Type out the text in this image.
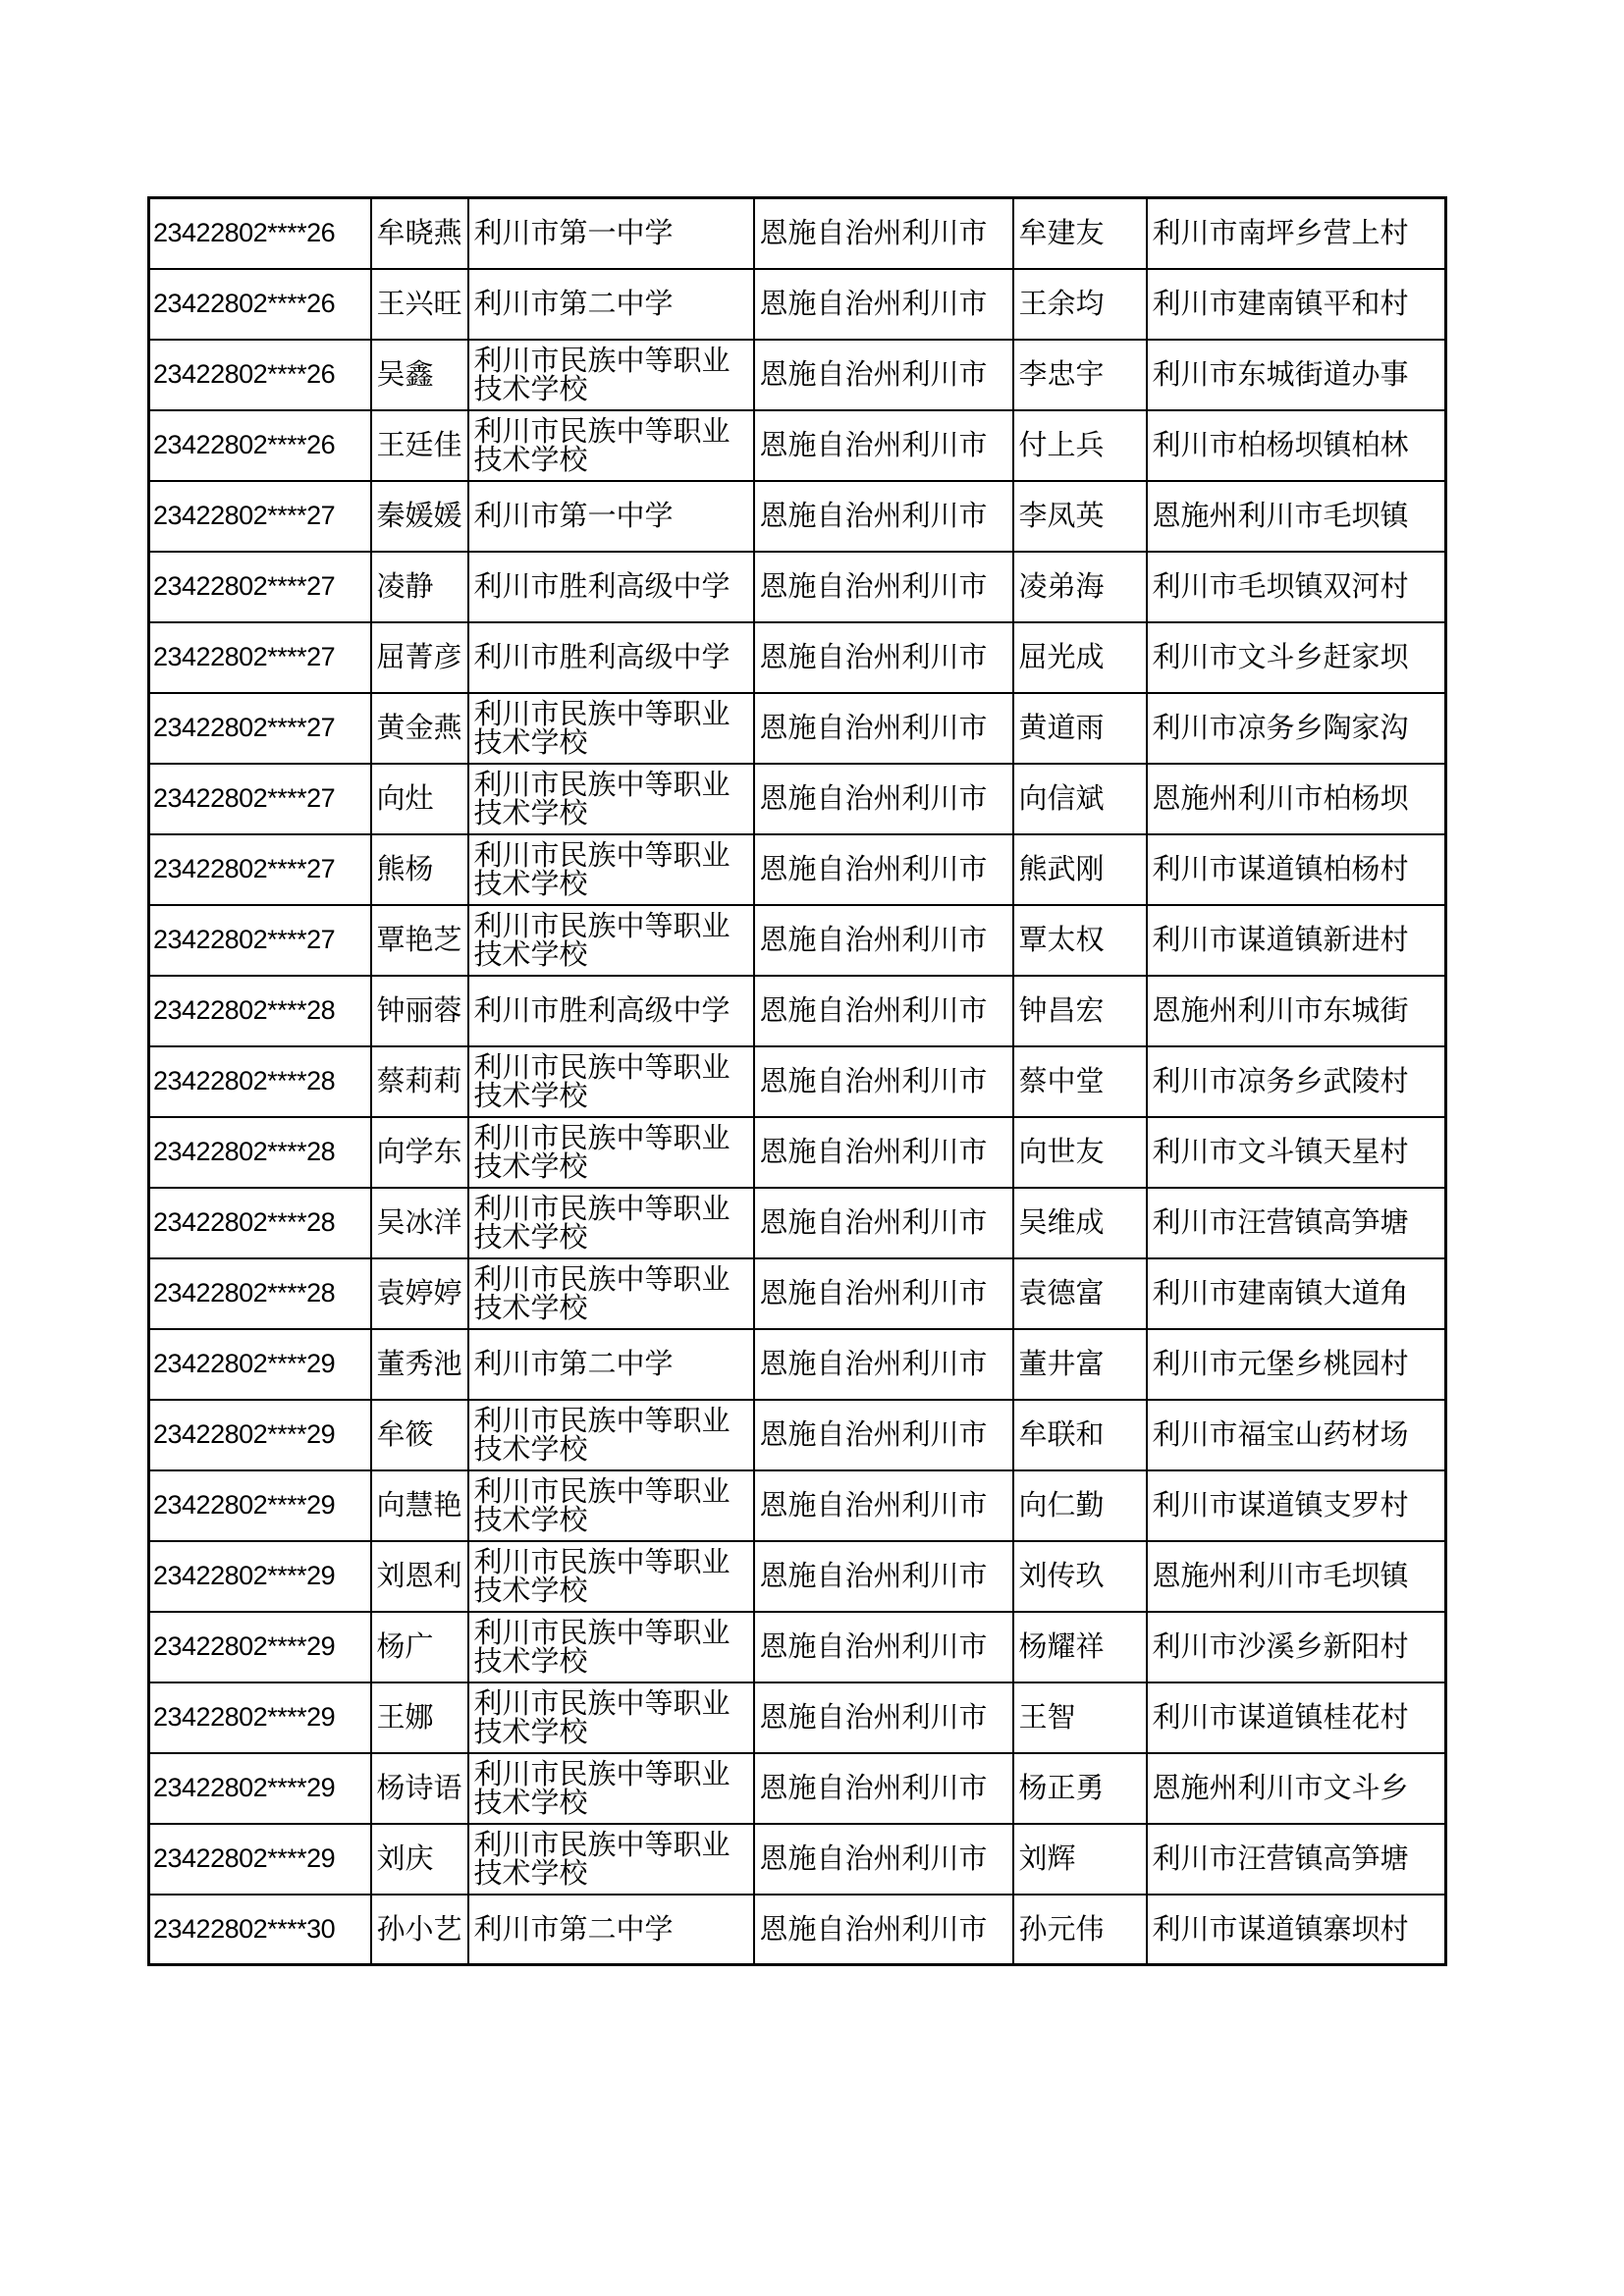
23422802****26	牟晓燕	利川市第一中学	恩施自治州利川市	牟建友	利川市南坪乡营上村
23422802****26	王兴旺	利川市第二中学	恩施自治州利川市	王余均	利川市建南镇平和村
23422802****26	吴鑫	利川市民族中等职业技术学校	恩施自治州利川市	李忠宇	利川市东城街道办事
23422802****26	王廷佳	利川市民族中等职业技术学校	恩施自治州利川市	付上兵	利川市柏杨坝镇柏林
23422802****27	秦媛媛	利川市第一中学	恩施自治州利川市	李凤英	恩施州利川市毛坝镇
23422802****27	凌静	利川市胜利高级中学	恩施自治州利川市	凌弟海	利川市毛坝镇双河村
23422802****27	屈菁彦	利川市胜利高级中学	恩施自治州利川市	屈光成	利川市文斗乡赶家坝
23422802****27	黄金燕	利川市民族中等职业技术学校	恩施自治州利川市	黄道雨	利川市凉务乡陶家沟
23422802****27	向灶	利川市民族中等职业技术学校	恩施自治州利川市	向信斌	恩施州利川市柏杨坝
23422802****27	熊杨	利川市民族中等职业技术学校	恩施自治州利川市	熊武刚	利川市谋道镇柏杨村
23422802****27	覃艳芝	利川市民族中等职业技术学校	恩施自治州利川市	覃太权	利川市谋道镇新进村
23422802****28	钟丽蓉	利川市胜利高级中学	恩施自治州利川市	钟昌宏	恩施州利川市东城街
23422802****28	蔡莉莉	利川市民族中等职业技术学校	恩施自治州利川市	蔡中堂	利川市凉务乡武陵村
23422802****28	向学东	利川市民族中等职业技术学校	恩施自治州利川市	向世友	利川市文斗镇天星村
23422802****28	吴冰洋	利川市民族中等职业技术学校	恩施自治州利川市	吴维成	利川市汪营镇高笋塘
23422802****28	袁婷婷	利川市民族中等职业技术学校	恩施自治州利川市	袁德富	利川市建南镇大道角
23422802****29	董秀池	利川市第二中学	恩施自治州利川市	董井富	利川市元堡乡桃园村
23422802****29	牟筱	利川市民族中等职业技术学校	恩施自治州利川市	牟联和	利川市福宝山药材场
23422802****29	向慧艳	利川市民族中等职业技术学校	恩施自治州利川市	向仁勤	利川市谋道镇支罗村
23422802****29	刘恩利	利川市民族中等职业技术学校	恩施自治州利川市	刘传玖	恩施州利川市毛坝镇
23422802****29	杨广	利川市民族中等职业技术学校	恩施自治州利川市	杨耀祥	利川市沙溪乡新阳村
23422802****29	王娜	利川市民族中等职业技术学校	恩施自治州利川市	王智	利川市谋道镇桂花村
23422802****29	杨诗语	利川市民族中等职业技术学校	恩施自治州利川市	杨正勇	恩施州利川市文斗乡
23422802****29	刘庆	利川市民族中等职业技术学校	恩施自治州利川市	刘辉	利川市汪营镇高笋塘
23422802****30	孙小艺	利川市第二中学	恩施自治州利川市	孙元伟	利川市谋道镇寨坝村
